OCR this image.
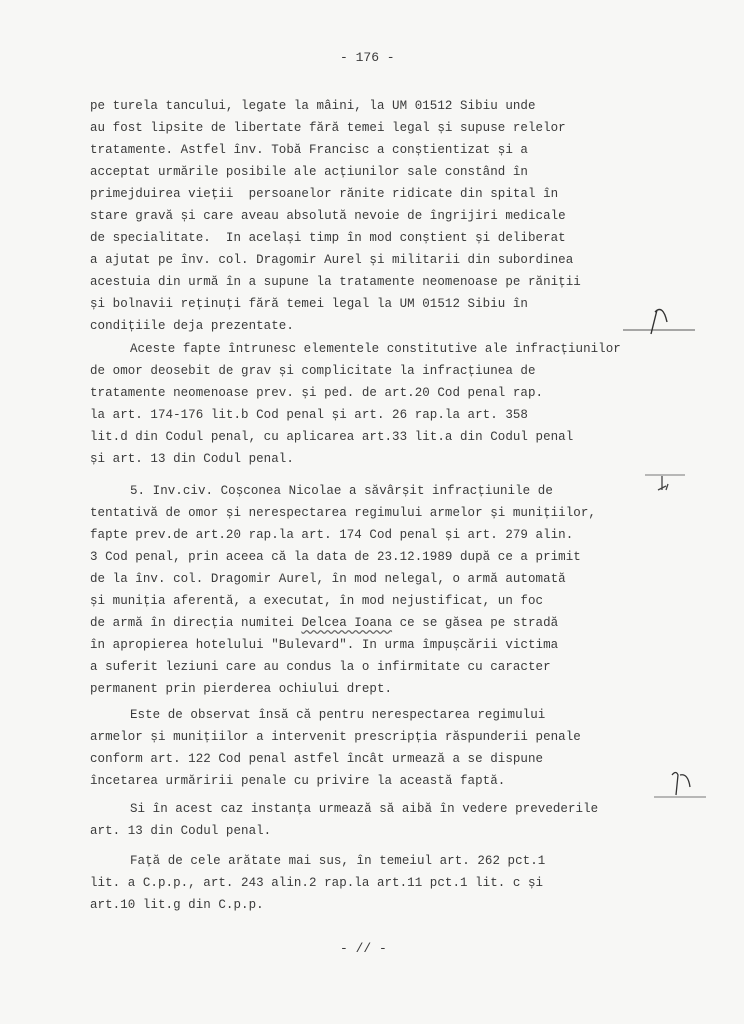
- 176 -
pe turela tancului, legate la mâini, la UM 01512 Sibiu unde
au fost lipsite de libertate fără temei legal și supuse relelor
tratamente. Astfel înv. Tobă Francisc a conștientizat și a
acceptat urmările posibile ale acțiunilor sale constând în
primejduirea vieții  persoanelor rănite ridicate din spital în
stare gravă și care aveau absolută nevoie de îngrijiri medicale
de specialitate.  In același timp în mod conștient și deliberat
a ajutat pe înv. col. Dragomir Aurel și militarii din subordinea
acestuia din urmă în a supune la tratamente neomenoase pe răniții
și bolnavii reținuți fără temei legal la UM 01512 Sibiu în
condițiile deja prezentate.
Aceste fapte întrunesc elementele constitutive ale infracțiunilor
de omor deosebit de grav și complicitate la infracțiunea de
tratamente neomenoase prev. și ped. de art.20 Cod penal rap.
la art. 174-176 lit.b Cod penal și art. 26 rap.la art. 358
lit.d din Codul penal, cu aplicarea art.33 lit.a din Codul penal
și art. 13 din Codul penal.
5. Inv.civ. Coșconea Nicolae a săvârșit infracțiunile de
tentativă de omor și nerespectarea regimului armelor și munițiilor,
fapte prev.de art.20 rap.la art. 174 Cod penal și art. 279 alin.
3 Cod penal, prin aceea că la data de 23.12.1989 după ce a primit
de la înv. col. Dragomir Aurel, în mod nelegal, o armă automată
și muniția aferentă, a executat, în mod nejustificat, un foc
de armă în direcția numitei Delcea Ioana ce se găsea pe stradă
în apropierea hotelului "Bulevard". In urma împușcării victima
a suferit leziuni care au condus la o infirmitate cu caracter
permanent prin pierderea ochiului drept.
Este de observat însă că pentru nerespectarea regimului
armelor și munițiilor a intervenit prescripția răspunderii penale
conform art. 122 Cod penal astfel încât urmează a se dispune
încetarea urmăririi penale cu privire la această faptă.
Si în acest caz instanța urmează să aibă în vedere prevederile
art. 13 din Codul penal.
Față de cele arătate mai sus, în temeiul art. 262 pct.1
lit. a C.p.p., art. 243 alin.2 rap.la art.11 pct.1 lit. c și
art.10 lit.g din C.p.p.
- // -
